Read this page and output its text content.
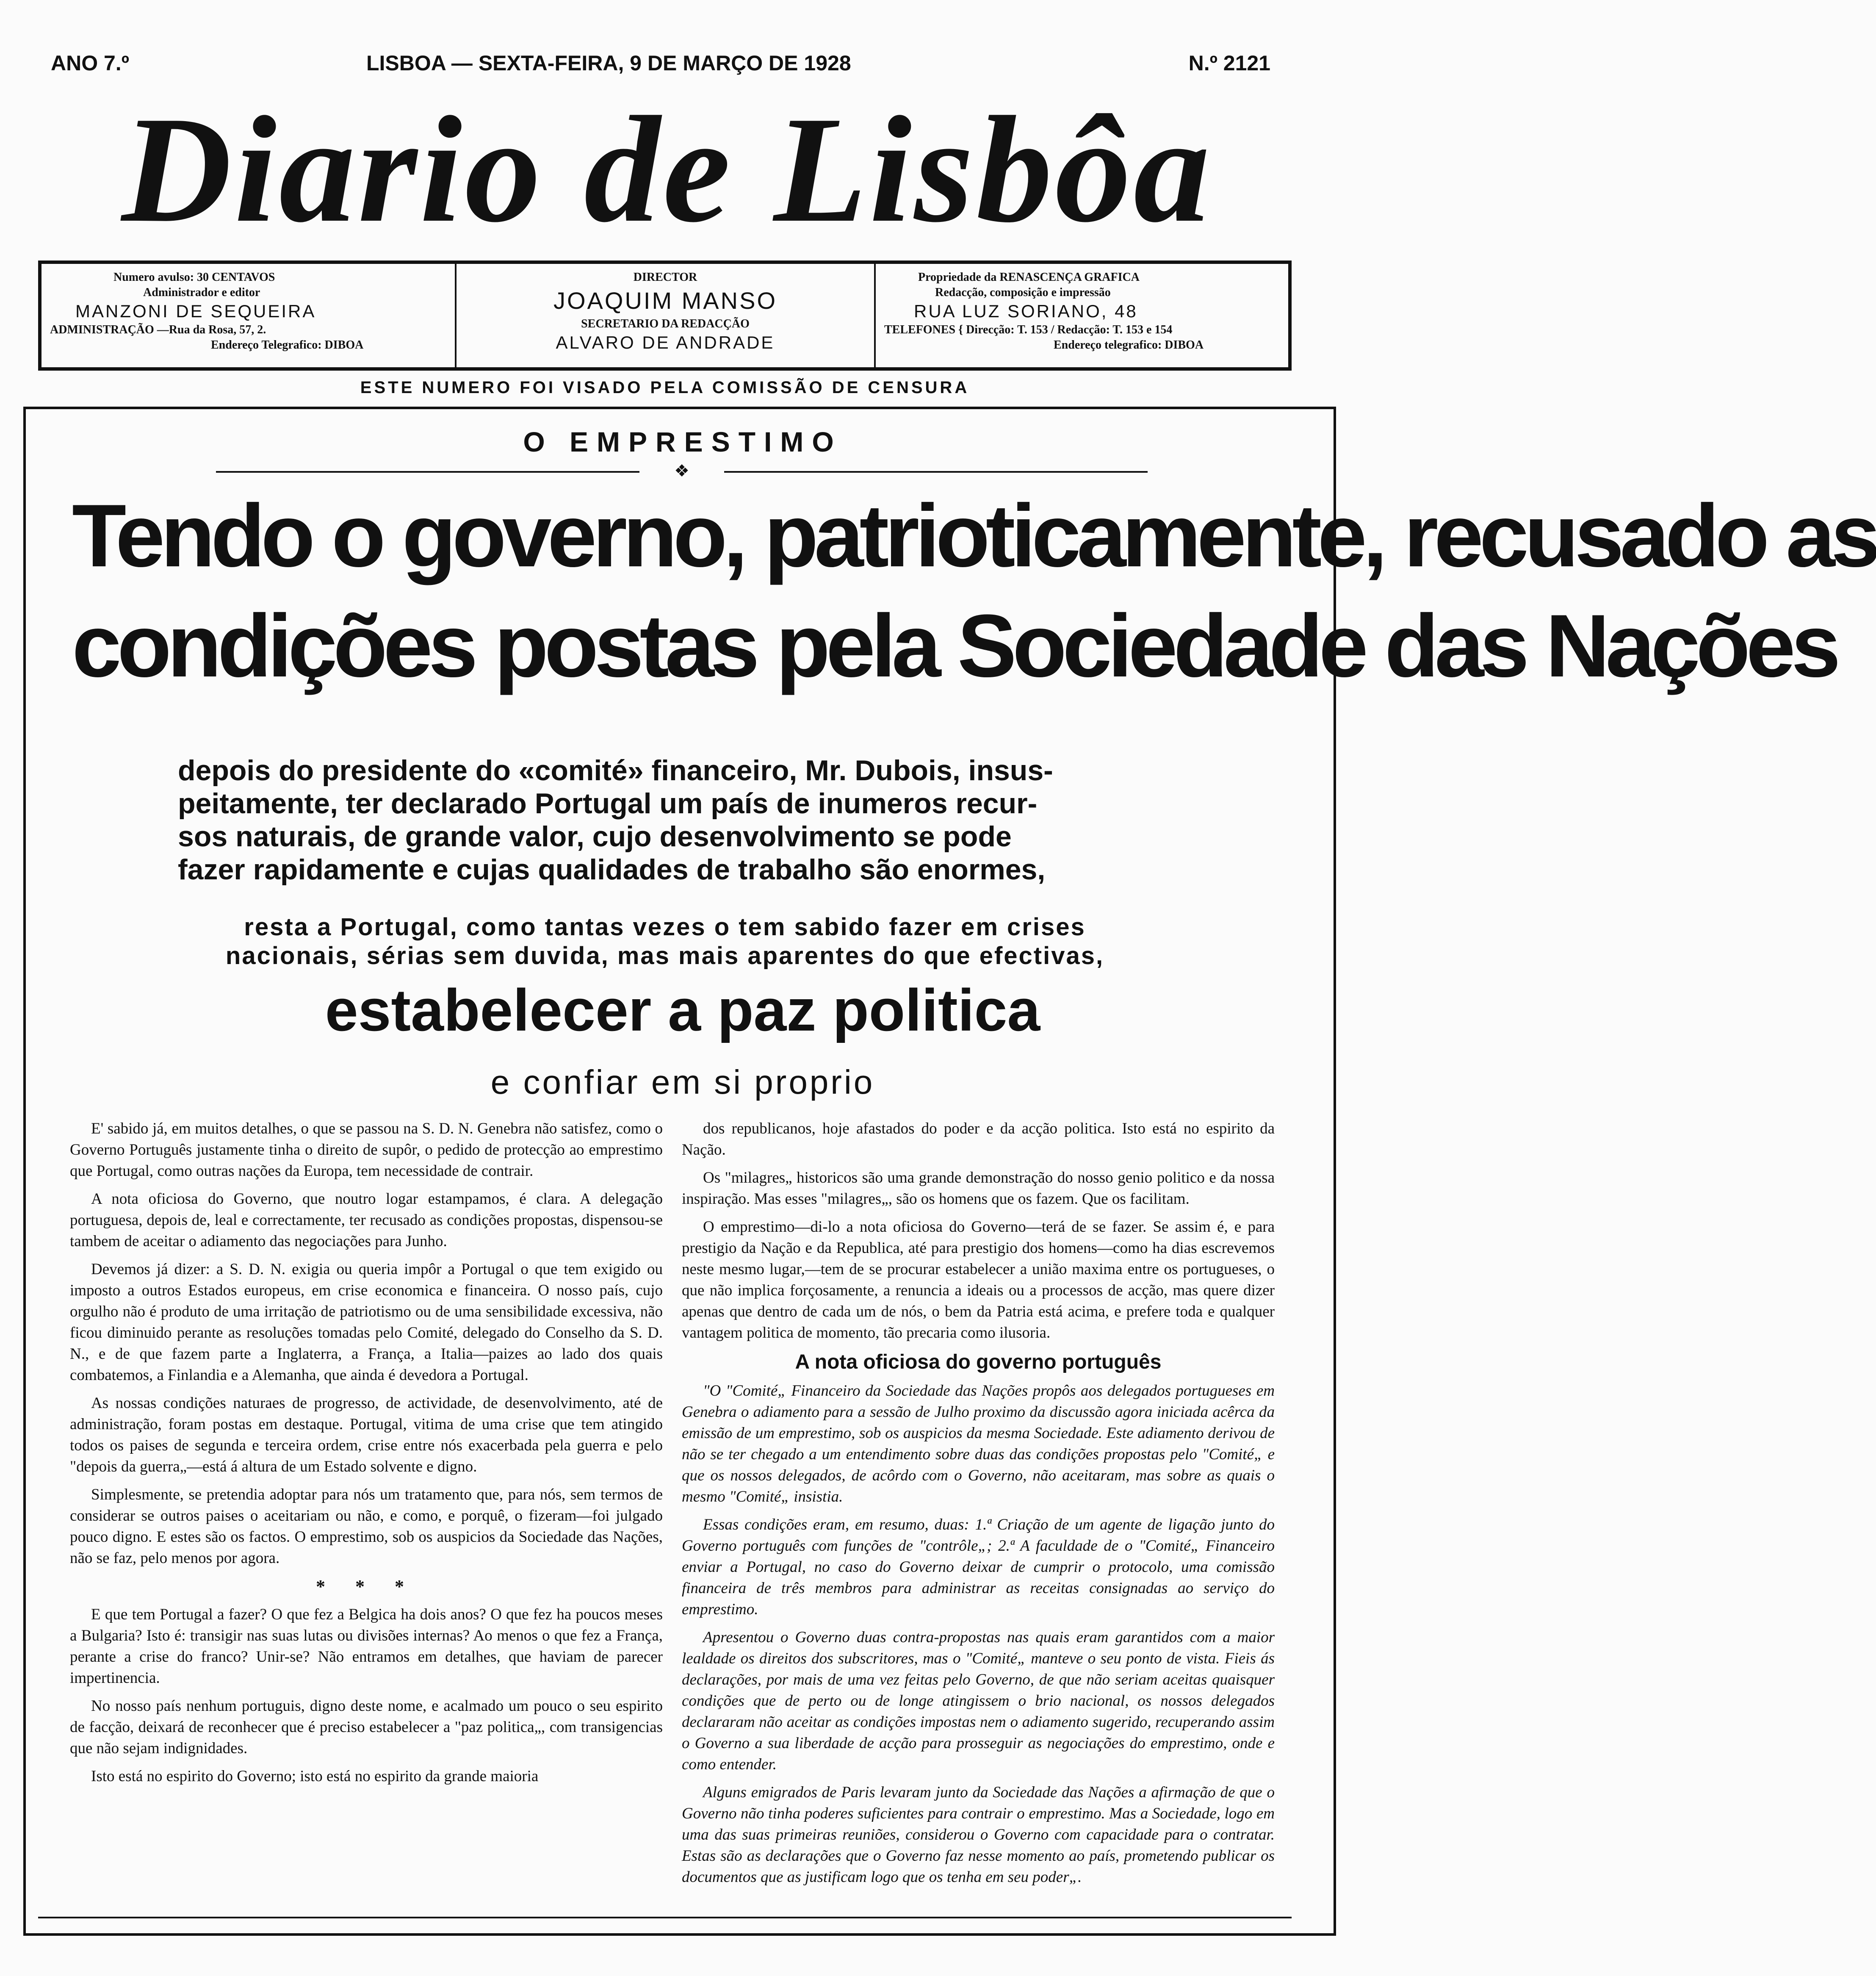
ANO 7.º	LISBOA — SEXTA-FEIRA, 9 DE MARÇO DE 1928	N.º 2121
Diario de Lisbôa
Numero avulso: 30 CENTAVOS
Administrador e editor
MANZONI DE SEQUEIRA
ADMINISTRAÇÃO —Rua da Rosa, 57, 2.
Endereço Telegrafico: DIBOA
DIRECTOR
JOAQUIM MANSO
SECRETARIO DA REDACÇÃO
ALVARO DE ANDRADE
Propriedade da RENASCENÇA GRAFICA
Redacção, composição e impressão
RUA LUZ SORIANO, 48
TELEFONES { Direcção: T. 153 / Redacção: T. 153 e 154
Endereço telegrafico: DIBOA
ESTE NUMERO FOI VISADO PELA COMISSÃO DE CENSURA
O EMPRESTIMO
❖
Tendo o governo, patrioticamente, recusado as
condições postas pela Sociedade das Nações
depois do presidente do «comité» financeiro, Mr. Dubois, insus-
peitamente, ter declarado Portugal um país de inumeros recur-
sos naturais, de grande valor, cujo desenvolvimento se pode
fazer rapidamente e cujas qualidades de trabalho são enormes,
resta a Portugal, como tantas vezes o tem sabido fazer em crises
nacionais, sérias sem duvida, mas mais aparentes do que efectivas,
estabelecer a paz politica
e confiar em si proprio

E' sabido já, em muitos detalhes, o que se passou na S. D. N. Genebra não satisfez, como o Governo Português justamente tinha o direito de supôr, o pedido de protecção ao emprestimo que Portugal, como outras nações da Europa, tem necessidade de contrair.

A nota oficiosa do Governo, que noutro logar estampamos, é clara. A delegação portuguesa, depois de, leal e correctamente, ter recusado as condições propostas, dispensou-se tambem de aceitar o adiamento das negociações para Junho.

Devemos já dizer: a S. D. N. exigia ou queria impôr a Portugal o que tem exigido ou imposto a outros Estados europeus, em crise economica e financeira. O nosso país, cujo orgulho não é produto de uma irritação de patriotismo ou de uma sensibilidade excessiva, não ficou diminuido perante as resoluções tomadas pelo Comité, delegado do Conselho da S. D. N., e de que fazem parte a Inglaterra, a França, a Italia—paizes ao lado dos quais combatemos, a Finlandia e a Alemanha, que ainda é devedora a Portugal.

As nossas condições naturaes de progresso, de actividade, de desenvolvimento, até de administração, foram postas em destaque. Portugal, vitima de uma crise que tem atingido todos os paises de segunda e terceira ordem, crise entre nós exacerbada pela guerra e pelo "depois da guerra„—está á altura de um Estado solvente e digno.

Simplesmente, se pretendia adoptar para nós um tratamento que, para nós, sem termos de considerar se outros paises o aceitariam ou não, e como, e porquê, o fizeram—foi julgado pouco digno. E estes são os factos. O emprestimo, sob os auspicios da Sociedade das Nações, não se faz, pelo menos por agora.

* * *

E que tem Portugal a fazer? O que fez a Belgica ha dois anos? O que fez ha poucos meses a Bulgaria? Isto é: transigir nas suas lutas ou divisões internas? Ao menos o que fez a França, perante a crise do franco? Unir-se? Não entramos em detalhes, que haviam de parecer impertinencia.

No nosso país nenhum portuguis, digno deste nome, e acalmado um pouco o seu espirito de facção, deixará de reconhecer que é preciso estabelecer a "paz politica„, com transigencias que não sejam indignidades.

Isto está no espirito do Governo; isto está no espirito da grande maioria

dos republicanos, hoje afastados do poder e da acção politica. Isto está no espirito da Nação.

Os "milagres„ historicos são uma grande demonstração do nosso genio politico e da nossa inspiração. Mas esses "milagres„, são os homens que os fazem. Que os facilitam.

O emprestimo—di-lo a nota oficiosa do Governo—terá de se fazer. Se assim é, e para prestigio da Nação e da Republica, até para prestigio dos homens—como ha dias escrevemos neste mesmo lugar,—tem de se procurar estabelecer a união maxima entre os portugueses, o que não implica forçosamente, a renuncia a ideais ou a processos de acção, mas quere dizer apenas que dentro de cada um de nós, o bem da Patria está acima, e prefere toda e qualquer vantagem politica de momento, tão precaria como ilusoria.

A nota oficiosa do governo português

"O "Comité„ Financeiro da Sociedade das Nações propôs aos delegados portugueses em Genebra o adiamento para a sessão de Julho proximo da discussão agora iniciada acêrca da emissão de um emprestimo, sob os auspicios da mesma Sociedade. Este adiamento derivou de não se ter chegado a um entendimento sobre duas das condições propostas pelo "Comité„ e que os nossos delegados, de acôrdo com o Governo, não aceitaram, mas sobre as quais o mesmo "Comité„ insistia.

Essas condições eram, em resumo, duas: 1.ª Criação de um agente de ligação junto do Governo português com funções de "contrôle„; 2.ª A faculdade de o "Comité„ Financeiro enviar a Portugal, no caso do Governo deixar de cumprir o protocolo, uma comissão financeira de três membros para administrar as receitas consignadas ao serviço do emprestimo.

Apresentou o Governo duas contra-propostas nas quais eram garantidos com a maior lealdade os direitos dos subscritores, mas o "Comité„ manteve o seu ponto de vista. Fieis ás declarações, por mais de uma vez feitas pelo Governo, de que não seriam aceitas quaisquer condições que de perto ou de longe atingissem o brio nacional, os nossos delegados declararam não aceitar as condições impostas nem o adiamento sugerido, recuperando assim o Governo a sua liberdade de acção para prosseguir as negociações do emprestimo, onde e como entender.

Alguns emigrados de Paris levaram junto da Sociedade das Nações a afirmação de que o Governo não tinha poderes suficientes para contrair o emprestimo. Mas a Sociedade, logo em uma das suas primeiras reuniões, considerou o Governo com capacidade para o contratar. Estas são as declarações que o Governo faz nesse momento ao país, prometendo publicar os documentos que as justificam logo que os tenha em seu poder„.
